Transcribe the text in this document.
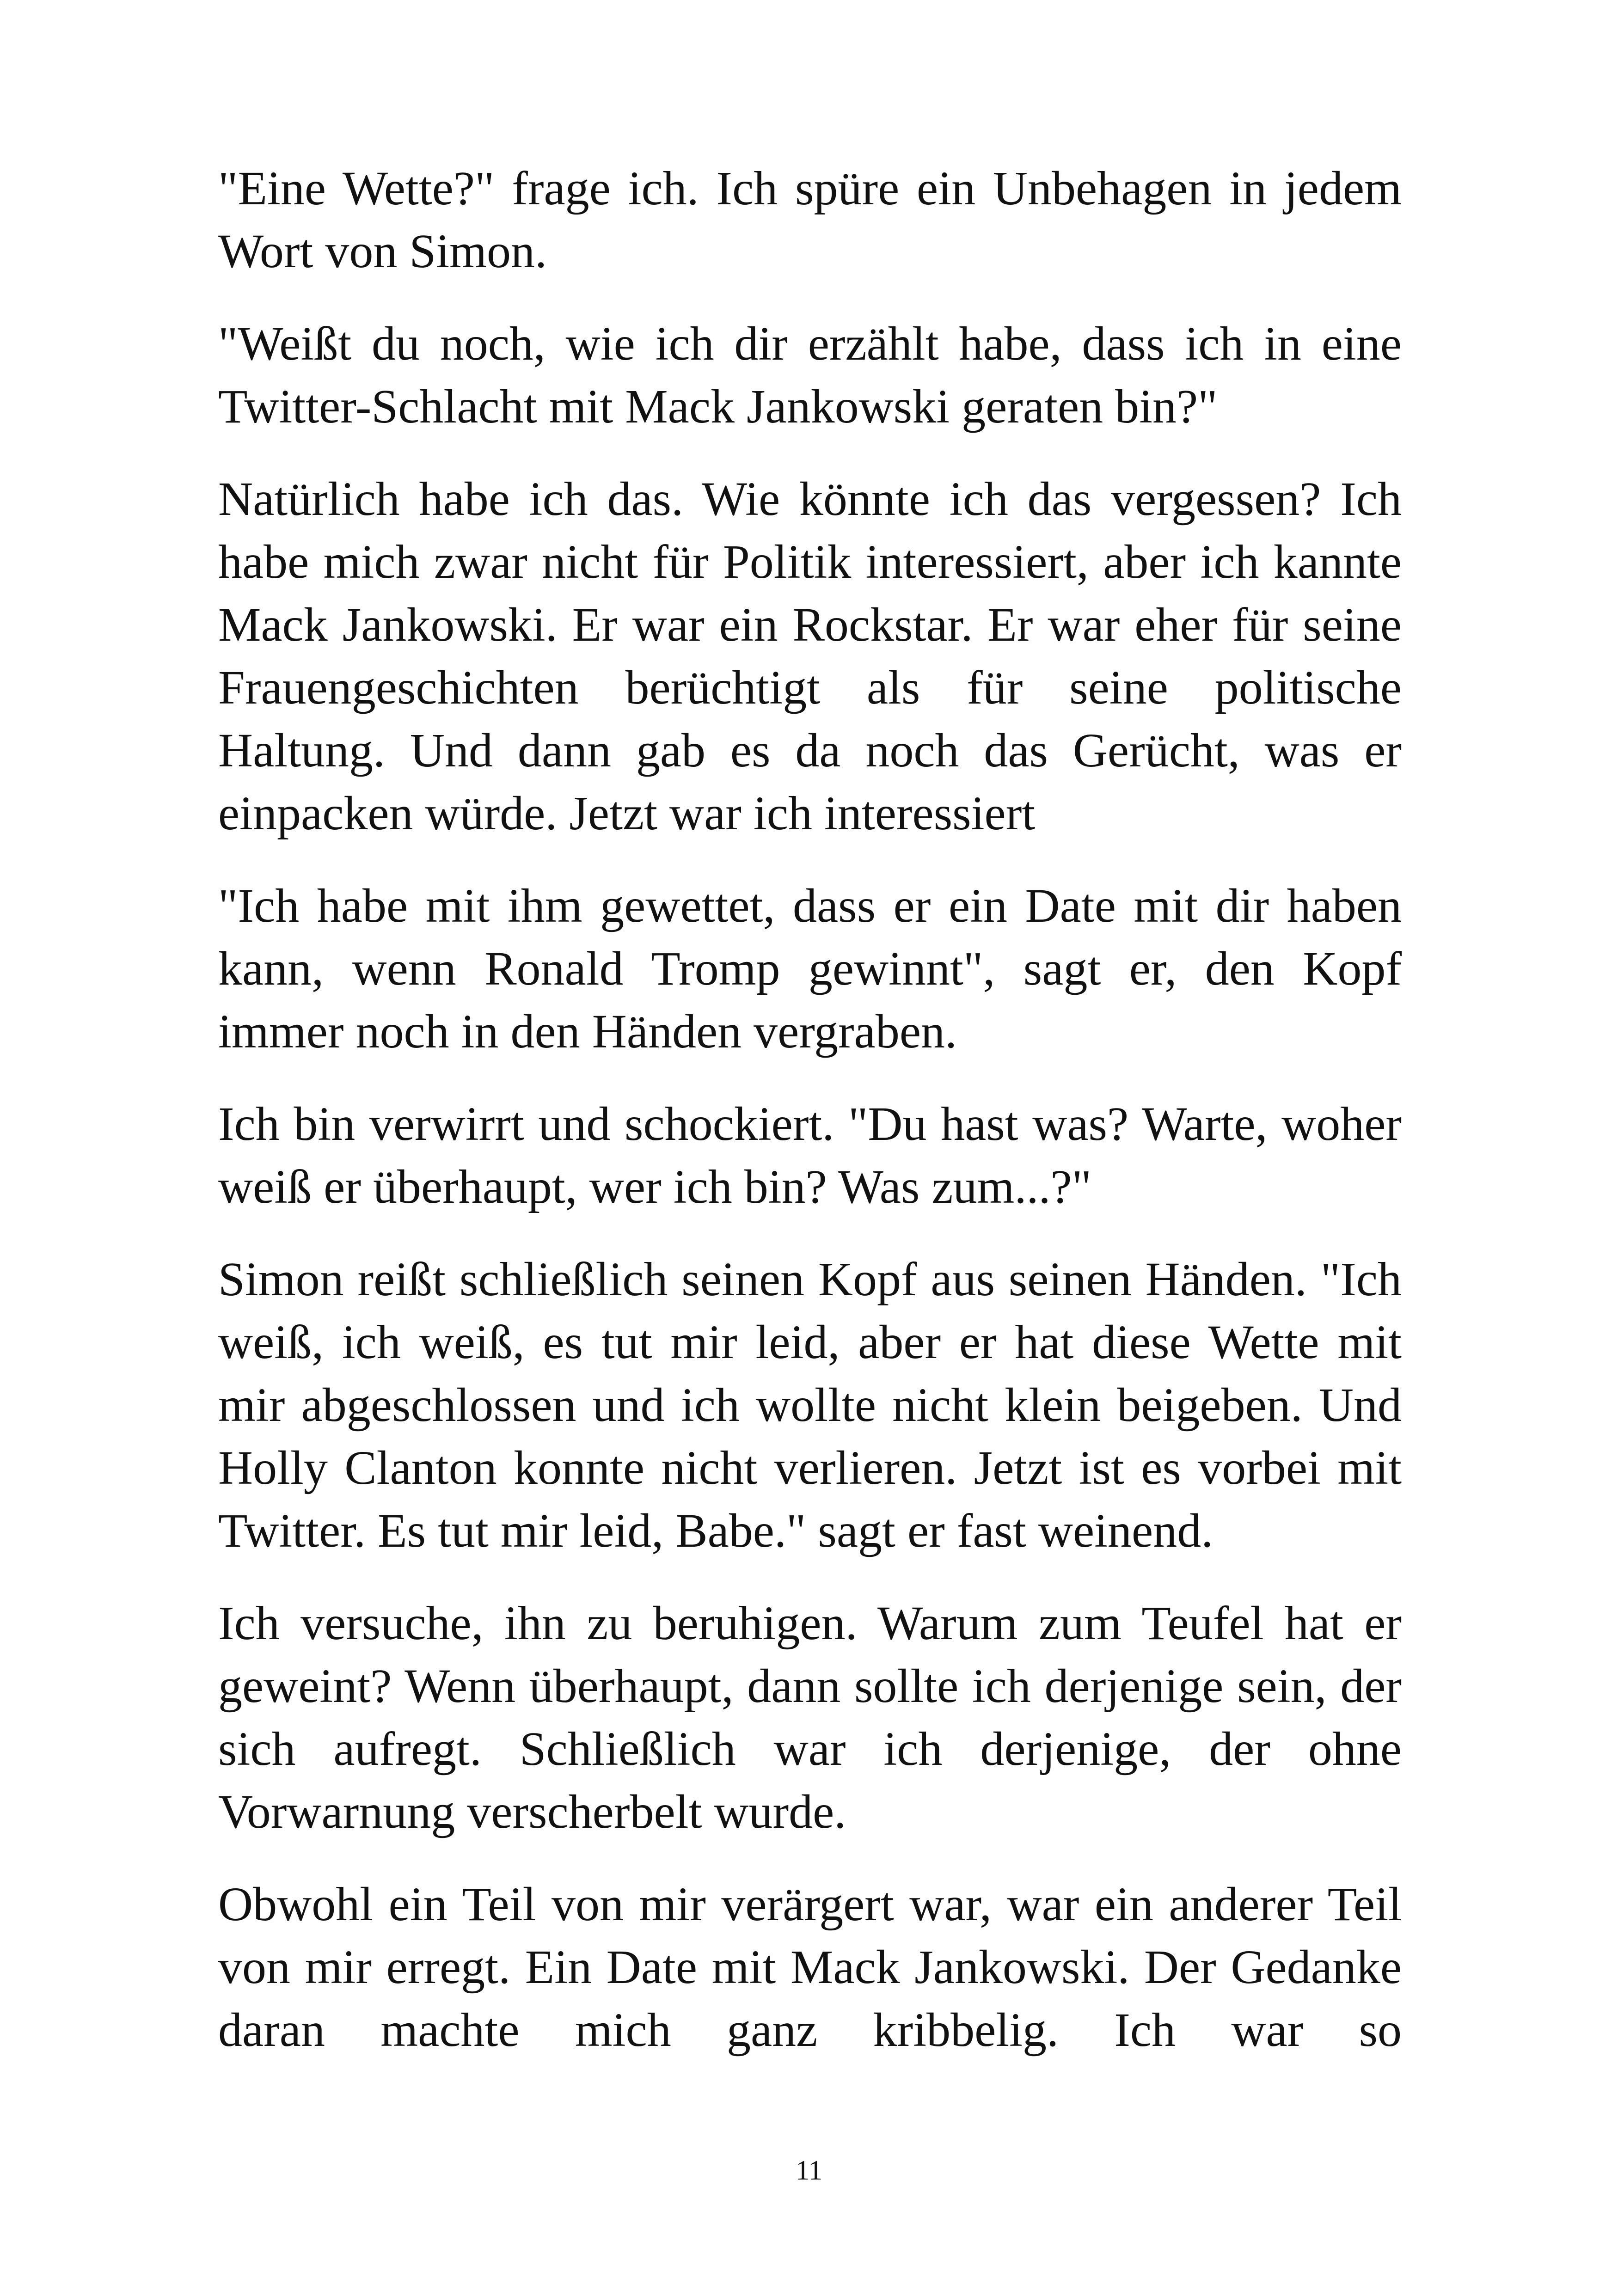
"Eine Wette?" frage ich. Ich spüre ein Unbehagen in jedem Wort von Simon.

"Weißt du noch, wie ich dir erzählt habe, dass ich in eine Twitter-Schlacht mit Mack Jankowski geraten bin?"

Natürlich habe ich das. Wie könnte ich das vergessen? Ich habe mich zwar nicht für Politik interessiert, aber ich kannte Mack Jankowski. Er war ein Rockstar. Er war eher für seine Frauengeschichten berüchtigt als für seine politische Haltung. Und dann gab es da noch das Gerücht, was er einpacken würde. Jetzt war ich interessiert

"Ich habe mit ihm gewettet, dass er ein Date mit dir haben kann, wenn Ronald Tromp gewinnt", sagt er, den Kopf immer noch in den Händen vergraben.

Ich bin verwirrt und schockiert. "Du hast was? Warte, woher weiß er überhaupt, wer ich bin? Was zum...?"

Simon reißt schließlich seinen Kopf aus seinen Händen. "Ich weiß, ich weiß, es tut mir leid, aber er hat diese Wette mit mir abgeschlossen und ich wollte nicht klein beigeben. Und Holly Clanton konnte nicht verlieren. Jetzt ist es vorbei mit Twitter. Es tut mir leid, Babe." sagt er fast weinend.

Ich versuche, ihn zu beruhigen. Warum zum Teufel hat er geweint? Wenn überhaupt, dann sollte ich derjenige sein, der sich aufregt. Schließlich war ich derjenige, der ohne Vorwarnung verscherbelt wurde.

Obwohl ein Teil von mir verärgert war, war ein anderer Teil von mir erregt. Ein Date mit Mack Jankowski. Der Gedanke daran machte mich ganz kribbelig. Ich war so

11
